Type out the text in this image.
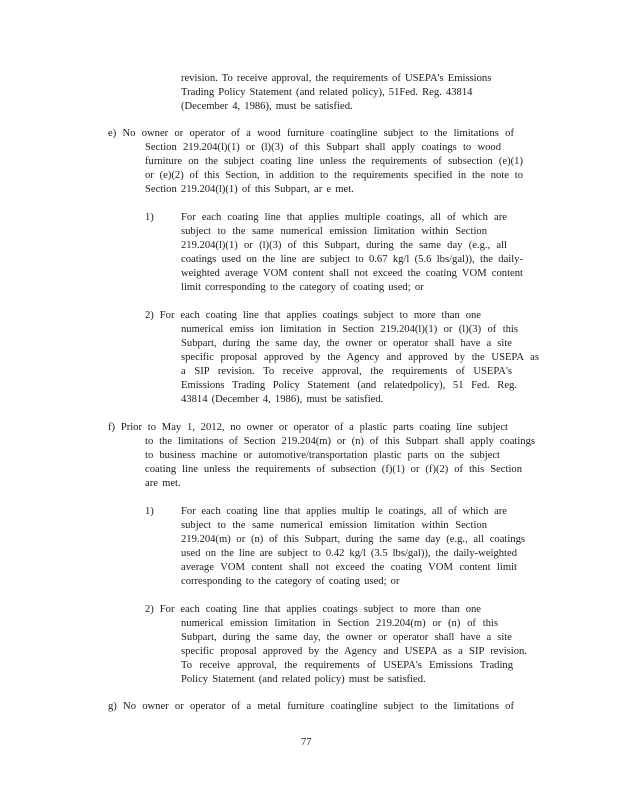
revision. To receive approval, the requirements of USEPA's Emissions
Trading Policy Statement (and related policy), 51Fed. Reg. 43814
(December 4, 1986), must be satisfied.
e) No owner or operator of a wood furniture coatingline subject to the limitations of
Section 219.204(l)(1) or (l)(3) of this Subpart shall apply coatings to wood
furniture on the subject coating line unless the requirements of subsection (e)(1)
or (e)(2) of this Section, in addition to the requirements specified in the note to
Section 219.204(l)(1) of this Subpart, ar e met.
1)	For each coating line that applies multiple coatings, all of which are
subject to the same numerical emission limitation within Section
219.204(l)(1) or (l)(3) of this Subpart, during the same day (e.g., all
coatings used on the line are subject to 0.67 kg/l (5.6 lbs/gal)), the daily-
weighted average VOM content shall not exceed the coating VOM content
limit corresponding to the category of coating used; or
2) For each coating line that applies coatings subject to more than one
numerical emiss ion limitation in Section 219.204(l)(1) or (l)(3) of this
Subpart, during the same day, the owner or operator shall have a site
specific proposal approved by the Agency and approved by the USEPA as
a SIP revision. To receive approval, the requirements of USEPA's
Emissions Trading Policy Statement (and relatedpolicy), 51 Fed. Reg.
43814 (December 4, 1986), must be satisfied.
f) Prior to May 1, 2012, no owner or operator of a plastic parts coating line subject
to the limitations of Section 219.204(m) or (n) of this Subpart shall apply coatings
to business machine or automotive/transportation plastic parts on the subject
coating line unless the requirements of subsection (f)(1) or (f)(2) of this Section
are met.
1)	For each coating line that applies multip le coatings, all of which are
subject to the same numerical emission limitation within Section
219.204(m) or (n) of this Subpart, during the same day (e.g., all coatings
used on the line are subject to 0.42 kg/l (3.5 lbs/gal)), the daily-weighted
average VOM content shall not exceed the coating VOM content limit
corresponding to the category of coating used; or
2) For each coating line that applies coatings subject to more than one
numerical emission limitation in Section 219.204(m) or (n) of this
Subpart, during the same day, the owner or operator shall have a site
specific proposal approved by the Agency and USEPA as a SIP revision.
To receive approval, the requirements of USEPA's Emissions Trading
Policy Statement (and related policy) must be satisfied.
g) No owner or operator of a metal furniture coatingline subject to the limitations of
77
